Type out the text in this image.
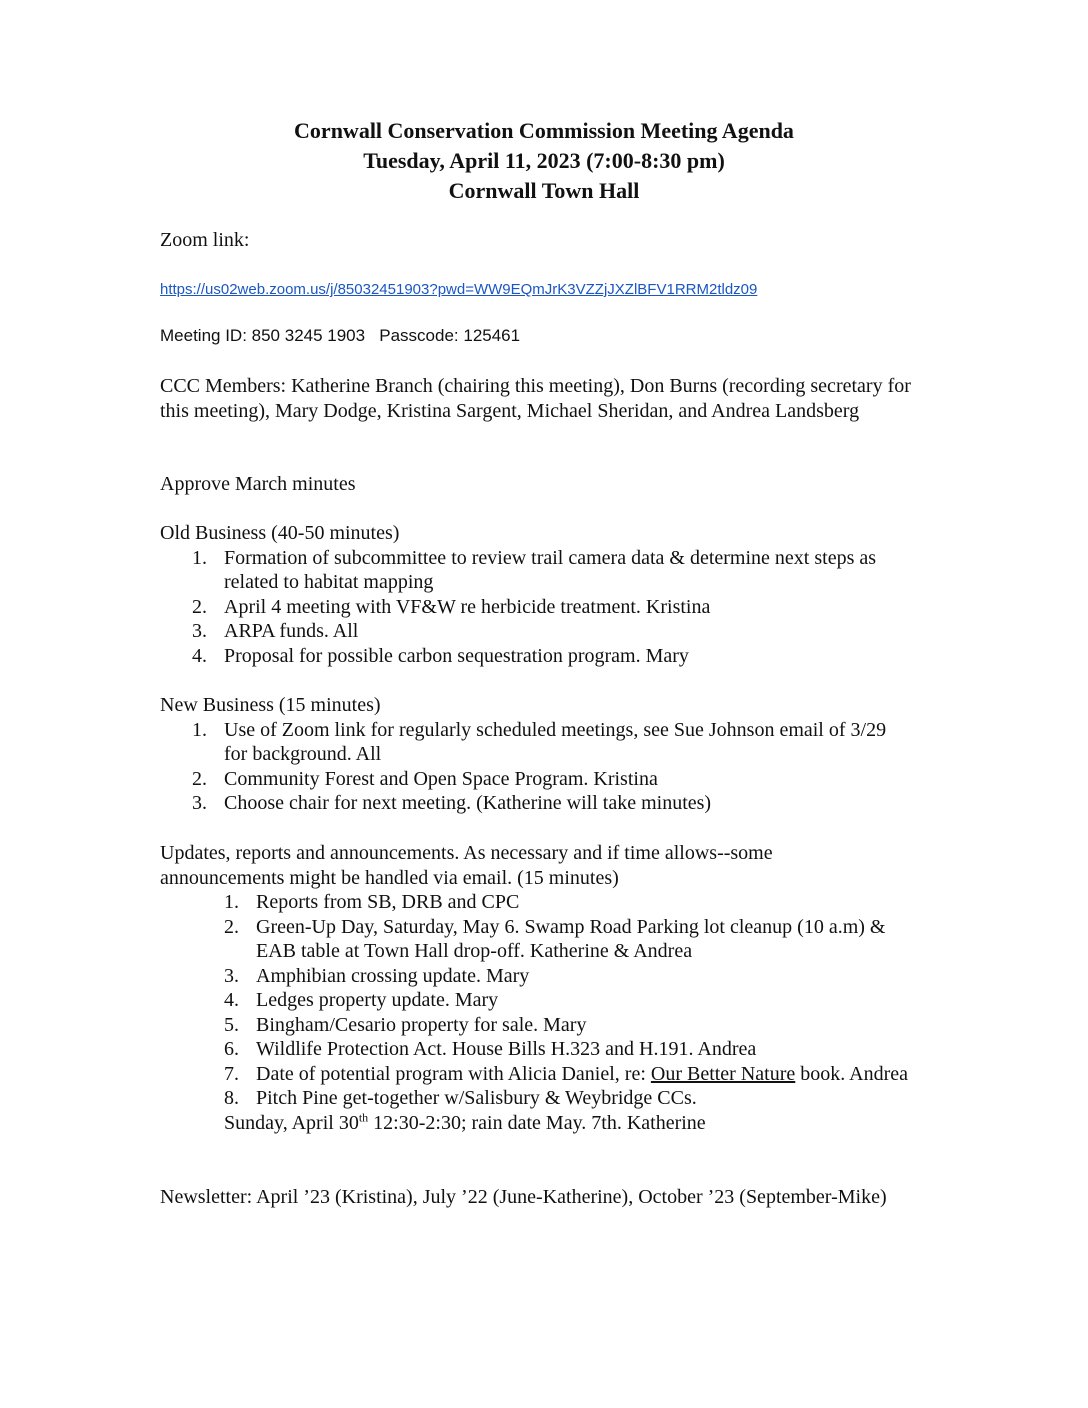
Cornwall Conservation Commission Meeting Agenda
Tuesday, April 11, 2023 (7:00-8:30 pm)
Cornwall Town Hall
Zoom link:
https://us02web.zoom.us/j/85032451903?pwd=WW9EQmJrK3VZZjJXZlBFV1RRM2tldz09
Meeting ID: 850 3245 1903   Passcode: 125461
CCC Members: Katherine Branch (chairing this meeting), Don Burns (recording secretary for this meeting), Mary Dodge, Kristina Sargent, Michael Sheridan, and Andrea Landsberg
Approve March minutes
Old Business (40-50 minutes)
1. Formation of subcommittee to review trail camera data & determine next steps as related to habitat mapping
2. April 4 meeting with VF&W re herbicide treatment. Kristina
3. ARPA funds. All
4. Proposal for possible carbon sequestration program. Mary
New Business (15 minutes)
1. Use of Zoom link for regularly scheduled meetings, see Sue Johnson email of 3/29 for background. All
2. Community Forest and Open Space Program. Kristina
3. Choose chair for next meeting. (Katherine will take minutes)
Updates, reports and announcements. As necessary and if time allows--some announcements might be handled via email. (15 minutes)
1. Reports from SB, DRB and CPC
2. Green-Up Day, Saturday, May 6. Swamp Road Parking lot cleanup (10 a.m) & EAB table at Town Hall drop-off. Katherine & Andrea
3. Amphibian crossing update. Mary
4. Ledges property update. Mary
5. Bingham/Cesario property for sale. Mary
6. Wildlife Protection Act. House Bills H.323 and H.191. Andrea
7. Date of potential program with Alicia Daniel, re: Our Better Nature book. Andrea
8. Pitch Pine get-together w/Salisbury & Weybridge CCs.
Sunday, April 30th 12:30-2:30; rain date May. 7th. Katherine
Newsletter: April ’23 (Kristina), July ’22 (June-Katherine), October ’23 (September-Mike)
